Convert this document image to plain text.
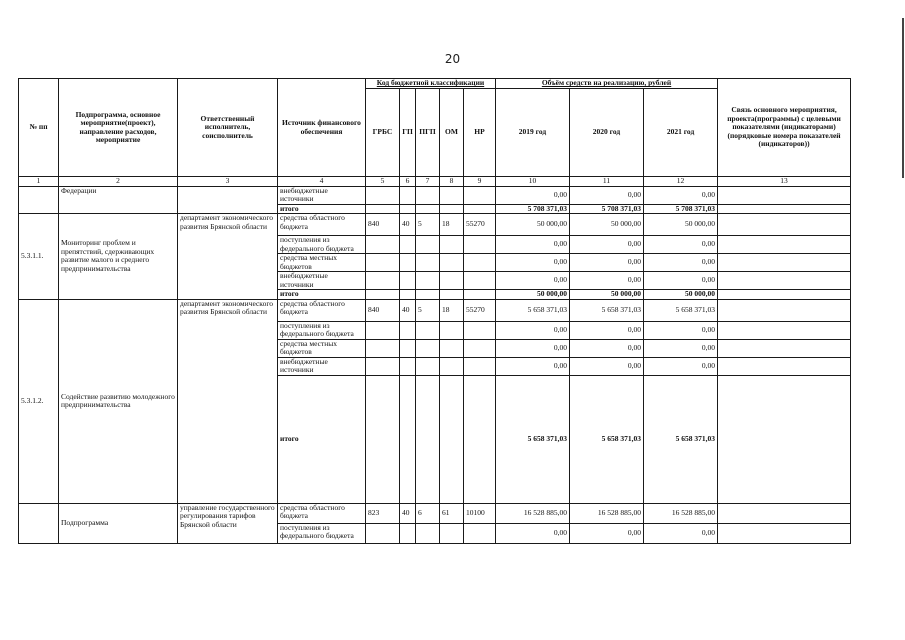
20
№ пп	Подпрограмма, основное мероприятие(проект), направление расходов, мероприятие	Ответственный исполнитель, соисполнитель	Источник финансового обеспечения	Код бюджетной классификации					Объём средств на реализацию, рублей			Связь основного мероприятия, проекта(программы) с целевыми показателями (индикаторами) (порядковые номера показателей (индикаторов))
				ГРБС	ГП	ПГП	ОМ	НР	2019 год	2020 год	2021 год	
1	2	3	4	5	6	7	8	9	10	11	12	13
	Федерации		внебюджетные источники						0,00	0,00	0,00	
			итого						5 708 371,03	5 708 371,03	5 708 371,03	
5.3.1.1.	Мониторинг проблем и препятствий, сдерживающих развитие малого и среднего предпринимательства	департамент экономического развития Брянской области	средства областного бюджета	840	40	5	18	55270	50 000,00	50 000,00	50 000,00	
			поступления из федерального бюджета						0,00	0,00	0,00	
			средства местных бюджетов						0,00	0,00	0,00	
			внебюджетные источники						0,00	0,00	0,00	
			итого						50 000,00	50 000,00	50 000,00	
5.3.1.2.	Содействие развитию молодежного предпринимательства	департамент экономического развития Брянской области	средства областного бюджета	840	40	5	18	55270	5 658 371,03	5 658 371,03	5 658 371,03	
			поступления из федерального бюджета						0,00	0,00	0,00	
			средства местных бюджетов						0,00	0,00	0,00	
			внебюджетные источники						0,00	0,00	0,00	
			итого						5 658 371,03	5 658 371,03	5 658 371,03	
	Подпрограмма	управление государственного регулирования тарифов Брянской области	средства областного бюджета	823	40	6	61	10100	16 528 885,00	16 528 885,00	16 528 885,00	
			поступления из федерального бюджета						0,00	0,00	0,00	
